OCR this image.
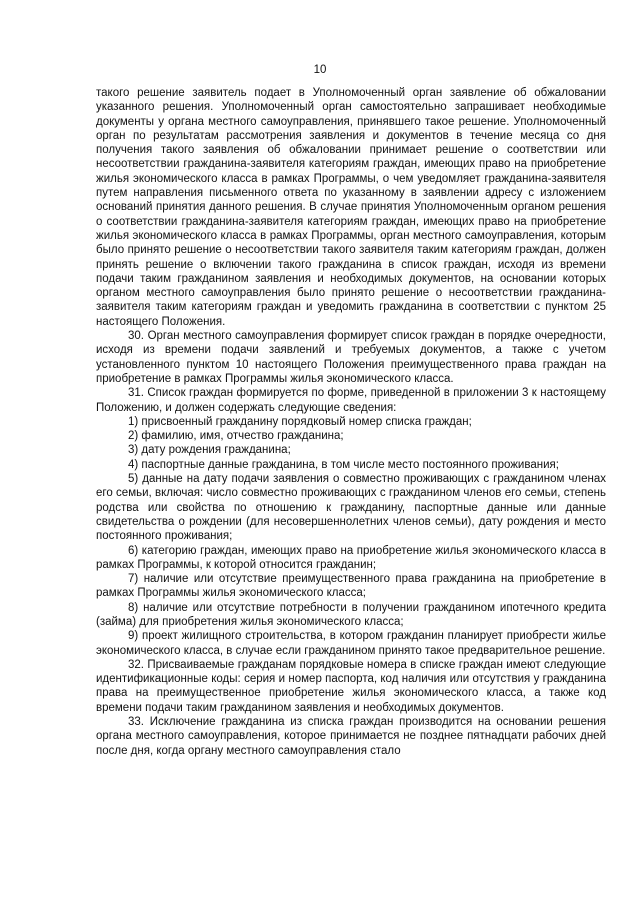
10

такого решение заявитель подает в Уполномоченный орган заявление об обжаловании указанного решения. Уполномоченный орган самостоятельно запрашивает необходимые документы у органа местного самоуправления, принявшего такое решение. Уполномоченный орган по результатам рассмотрения заявления и документов в течение месяца со дня получения такого заявления об обжаловании принимает решение о соответствии или несоответствии гражданина-заявителя категориям граждан, имеющих право на приобретение жилья экономического класса в рамках Программы, о чем уведомляет гражданина-заявителя путем направления письменного ответа по указанному в заявлении адресу с изложением оснований принятия данного решения. В случае принятия Уполномоченным органом решения о соответствии гражданина-заявителя категориям граждан, имеющих право на приобретение жилья экономического класса в рамках Программы, орган местного самоуправления, которым было принято решение о несоответствии такого заявителя таким категориям граждан, должен принять решение о включении такого гражданина в список граждан, исходя из времени подачи таким гражданином заявления и необходимых документов, на основании которых органом местного самоуправления было принято решение о несоответствии гражданина-заявителя таким категориям граждан и уведомить гражданина в соответствии с пунктом 25 настоящего Положения.

30. Орган местного самоуправления формирует список граждан в порядке очередности, исходя из времени подачи заявлений и требуемых документов, а также с учетом установленного пунктом 10 настоящего Положения преимущественного права граждан на приобретение в рамках Программы жилья экономического класса.

31. Список граждан формируется по форме, приведенной в приложении 3 к настоящему Положению, и должен содержать следующие сведения:

1) присвоенный гражданину порядковый номер списка граждан;

2) фамилию, имя, отчество гражданина;

3) дату рождения гражданина;

4) паспортные данные гражданина, в том числе место постоянного проживания;

5) данные на дату подачи заявления о совместно проживающих с гражданином членах его семьи, включая: число совместно проживающих с гражданином членов его семьи, степень родства или свойства по отношению к гражданину, паспортные данные или данные свидетельства о рождении (для несовершеннолетних членов семьи), дату рождения и место постоянного проживания;

6) категорию граждан, имеющих право на приобретение жилья экономического класса в рамках Программы, к которой относится гражданин;

7) наличие или отсутствие преимущественного права гражданина на приобретение в рамках Программы жилья экономического класса;

8) наличие или отсутствие потребности в получении гражданином ипотечного кредита (займа) для приобретения жилья экономического класса;

9) проект жилищного строительства, в котором гражданин планирует приобрести жилье экономического класса, в случае если гражданином принято такое предварительное решение.

32. Присваиваемые гражданам порядковые номера в списке граждан имеют следующие идентификационные коды: серия и номер паспорта, код наличия или отсутствия у гражданина права на преимущественное приобретение жилья экономического класса, а также код времени подачи таким гражданином заявления и необходимых документов.

33. Исключение гражданина из списка граждан производится на основании решения органа местного самоуправления, которое принимается не позднее пятнадцати рабочих дней после дня, когда органу местного самоуправления стало
